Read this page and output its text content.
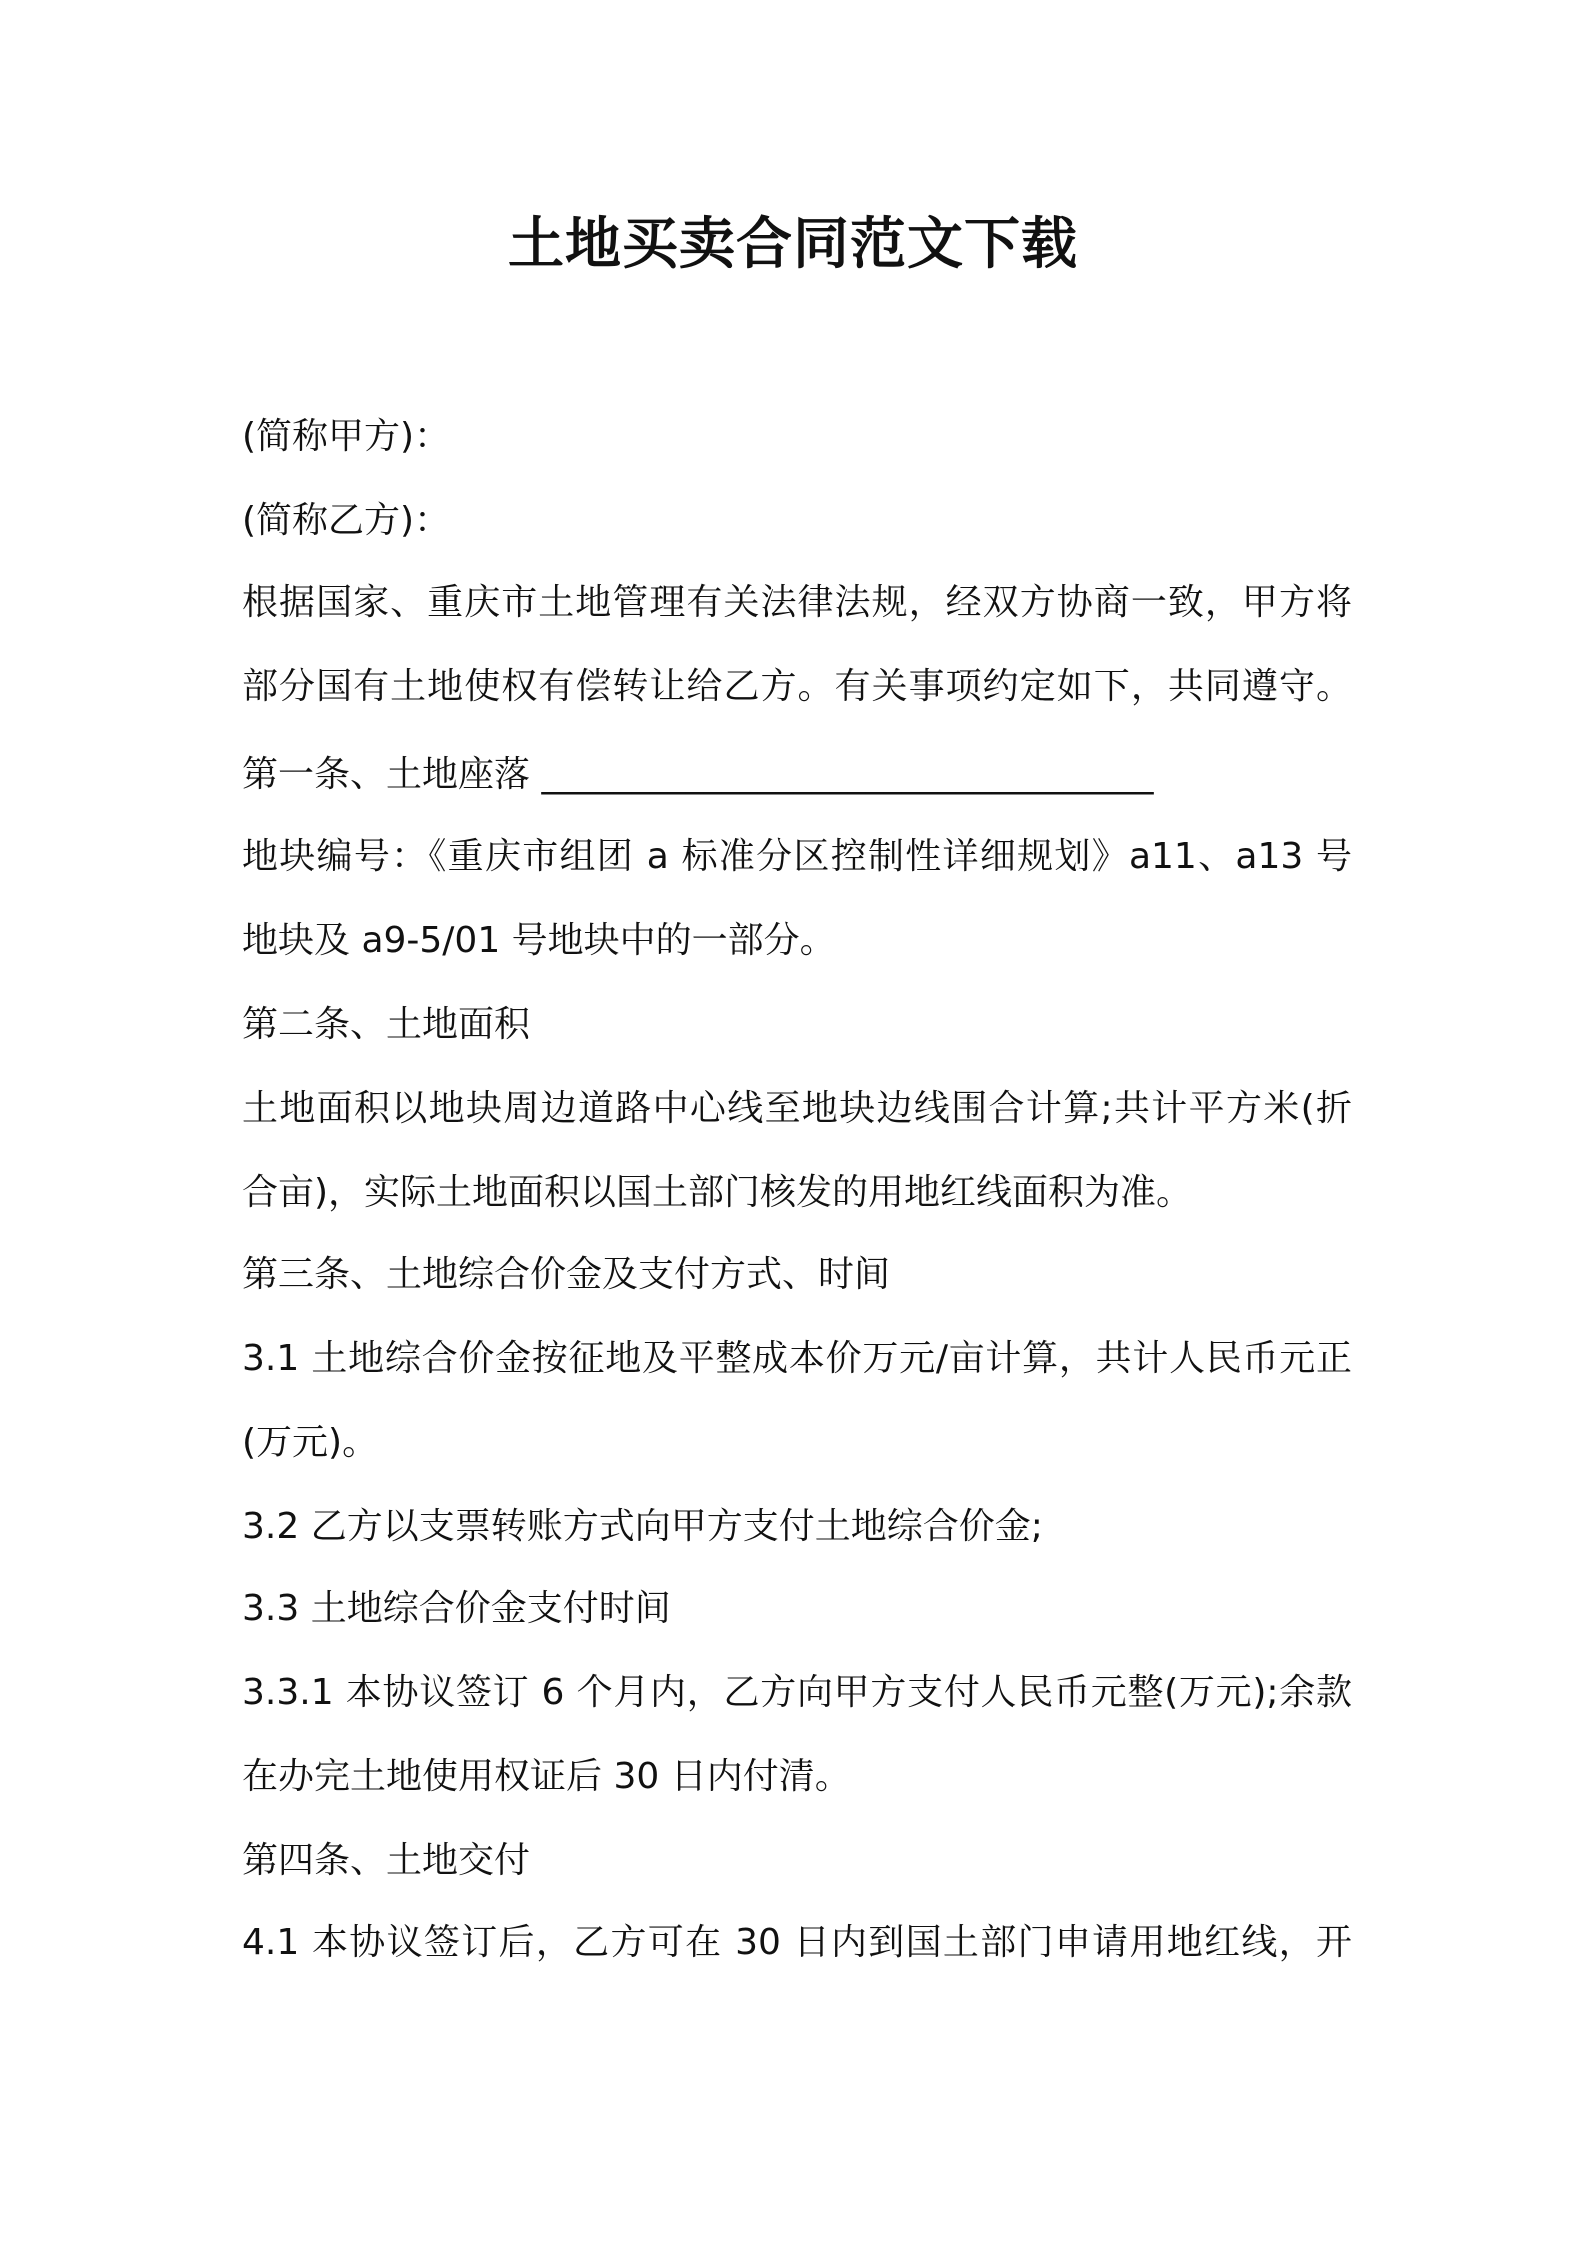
土地买卖合同范文下载
(简称甲方)：
(简称乙方)：
根据国家、重庆市土地管理有关法律法规，经双方协商一致，甲方将
部分国有土地使权有偿转让给乙方。有关事项约定如下，共同遵守。
第一条、土地座落 __________________________________
地块编号：《重庆市组团 a 标准分区控制性详细规划》a11、a13 号
地块及 a9-5/01 号地块中的一部分。
第二条、土地面积
土地面积以地块周边道路中心线至地块边线围合计算;共计平方米(折
合亩)，实际土地面积以国土部门核发的用地红线面积为准。
第三条、土地综合价金及支付方式、时间
3.1 土地综合价金按征地及平整成本价万元/亩计算，共计人民币元正
(万元)。
3.2 乙方以支票转账方式向甲方支付土地综合价金;
3.3 土地综合价金支付时间
3.3.1 本协议签订 6 个月内，乙方向甲方支付人民币元整(万元);余款
在办完土地使用权证后 30 日内付清。
第四条、土地交付
4.1 本协议签订后，乙方可在 30 日内到国土部门申请用地红线，开
